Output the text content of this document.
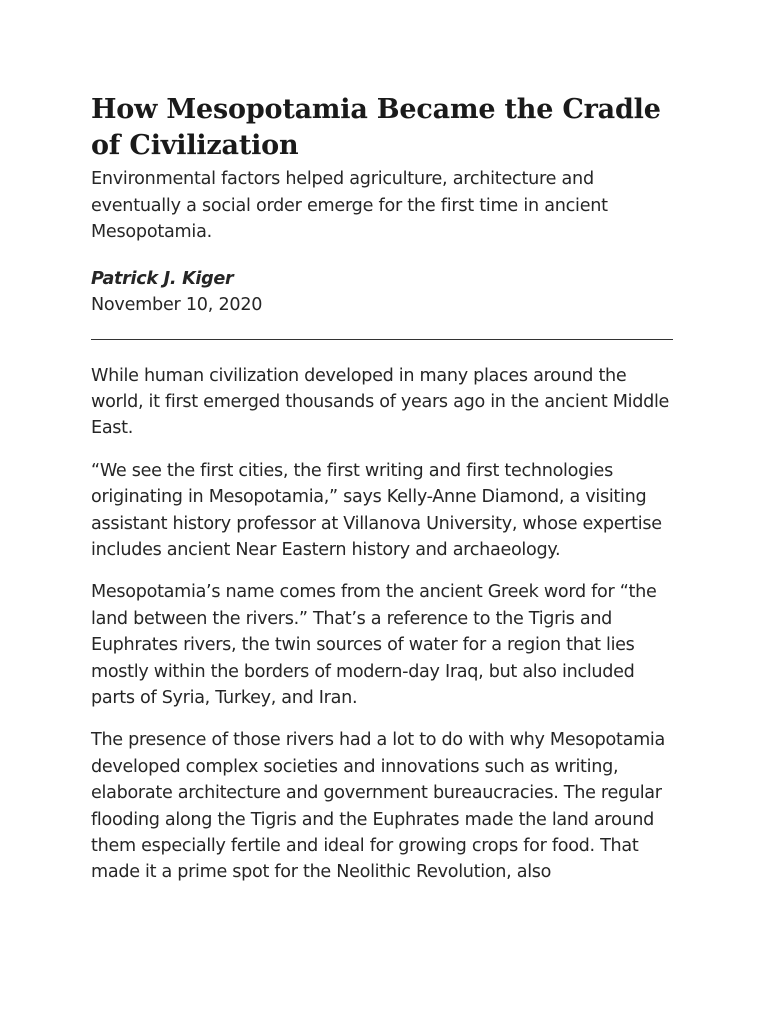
How Mesopotamia Became the Cradle of Civilization

Environmental factors helped agriculture, architecture and eventually a social order emerge for the first time in ancient Mesopotamia.

Patrick J. Kiger

November 10, 2020

While human civilization developed in many places around the world, it first emerged thousands of years ago in the ancient Middle East.

“We see the first cities, the first writing and first technologies originating in Mesopotamia,” says Kelly-Anne Diamond, a visiting assistant history professor at Villanova University, whose expertise includes ancient Near Eastern history and archaeology.

Mesopotamia’s name comes from the ancient Greek word for “the land between the rivers.” That’s a reference to the Tigris and Euphrates rivers, the twin sources of water for a region that lies mostly within the borders of modern-day Iraq, but also included parts of Syria, Turkey, and Iran.

The presence of those rivers had a lot to do with why Mesopotamia developed complex societies and innovations such as writing, elaborate architecture and government bureaucracies. The regular flooding along the Tigris and the Euphrates made the land around them especially fertile and ideal for growing crops for food. That made it a prime spot for the Neolithic Revolution, also
